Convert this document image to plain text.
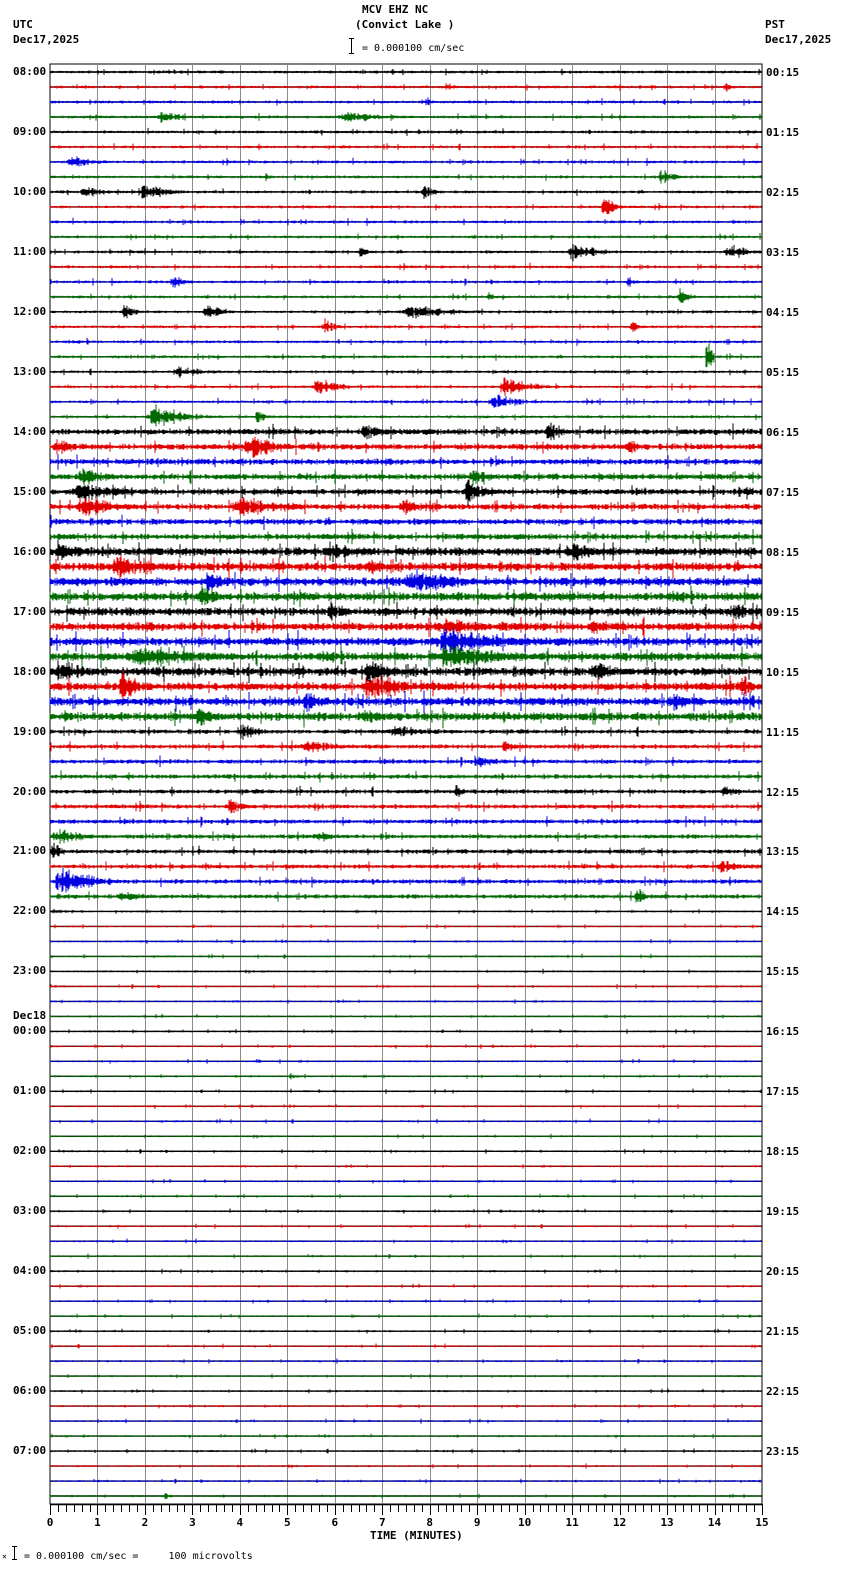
MCV EHZ NC
(Convict Lake )
UTC
Dec17,2025
PST
Dec17,2025
= 0.000100 cm/sec
08:00
09:00
10:00
11:00
12:00
13:00
14:00
15:00
16:00
17:00
18:00
19:00
20:00
21:00
22:00
23:00
Dec18
00:00
01:00
02:00
03:00
04:00
05:00
06:00
07:00
00:15
01:15
02:15
03:15
04:15
05:15
06:15
07:15
08:15
09:15
10:15
11:15
12:15
13:15
14:15
15:15
16:15
17:15
18:15
19:15
20:15
21:15
22:15
23:15
0	1	2	3	4	5	6	7	8	9	10	11	12	13	14	15
TIME (MINUTES)
× = 0.000100 cm/sec =     100 microvolts
